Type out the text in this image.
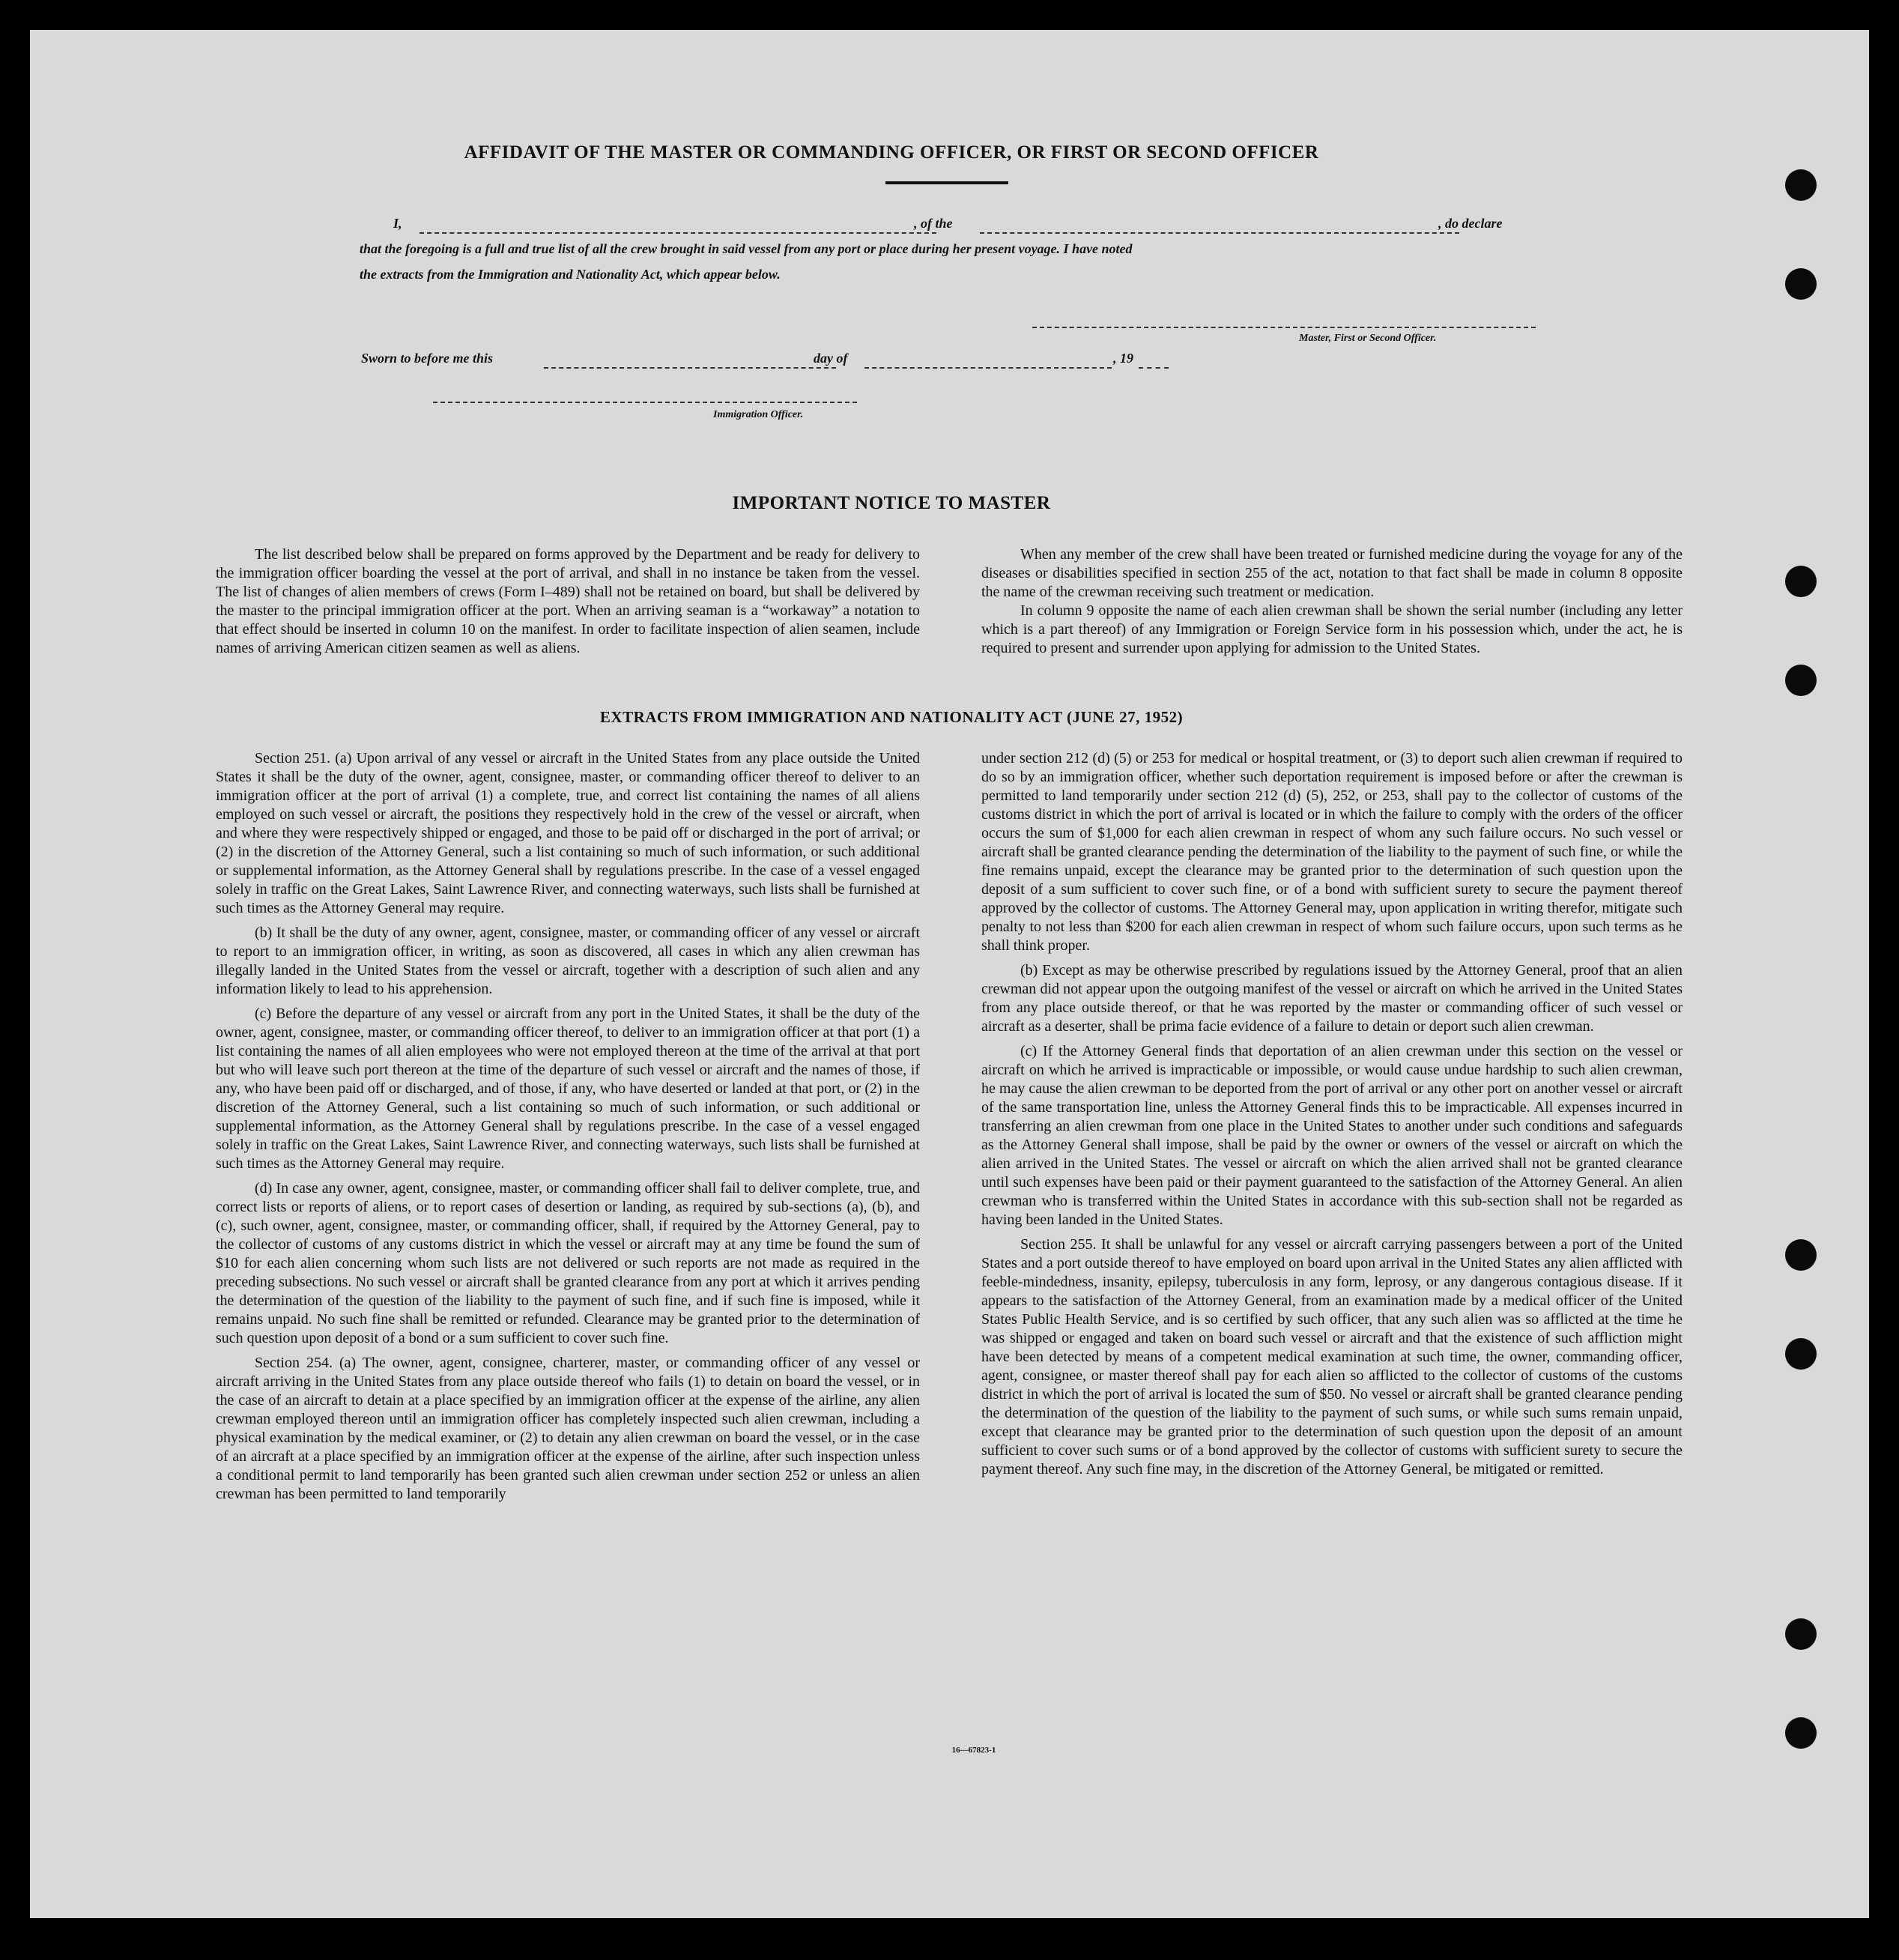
AFFIDAVIT OF THE MASTER OR COMMANDING OFFICER, OR FIRST OR SECOND OFFICER
I,	, of the	, do declare
that the foregoing is a full and true list of all the crew brought in said vessel from any port or place during her present voyage. I have noted
the extracts from the Immigration and Nationality Act, which appear below.
Master, First or Second Officer.
Sworn to before me this	day of	, 19
Immigration Officer.
IMPORTANT NOTICE TO MASTER

The list described below shall be prepared on forms approved by the Department and be ready for delivery to the immigration officer boarding the vessel at the port of arrival, and shall in no instance be taken from the vessel. The list of changes of alien members of crews (Form I–489) shall not be retained on board, but shall be delivered by the master to the principal immigration officer at the port. When an arriving seaman is a “workaway” a notation to that effect should be inserted in column 10 on the manifest. In order to facilitate inspection of alien seamen, include names of arriving American citizen seamen as well as aliens.

When any member of the crew shall have been treated or furnished medicine during the voyage for any of the diseases or disabilities specified in section 255 of the act, notation to that fact shall be made in column 8 opposite the name of the crewman receiving such treatment or medication.

In column 9 opposite the name of each alien crewman shall be shown the serial number (including any letter which is a part thereof) of any Immigration or Foreign Service form in his possession which, under the act, he is required to present and surrender upon applying for admission to the United States.

EXTRACTS FROM IMMIGRATION AND NATIONALITY ACT (JUNE 27, 1952)

Section 251. (a) Upon arrival of any vessel or aircraft in the United States from any place outside the United States it shall be the duty of the owner, agent, consignee, master, or commanding officer thereof to deliver to an immigration officer at the port of arrival (1) a complete, true, and correct list containing the names of all aliens employed on such vessel or aircraft, the positions they respectively hold in the crew of the vessel or aircraft, when and where they were respectively shipped or engaged, and those to be paid off or discharged in the port of arrival; or (2) in the discretion of the Attorney General, such a list containing so much of such information, or such additional or supplemental information, as the Attorney General shall by regulations prescribe. In the case of a vessel engaged solely in traffic on the Great Lakes, Saint Lawrence River, and connecting waterways, such lists shall be furnished at such times as the Attorney General may require.

(b) It shall be the duty of any owner, agent, consignee, master, or commanding officer of any vessel or aircraft to report to an immigration officer, in writing, as soon as discovered, all cases in which any alien crewman has illegally landed in the United States from the vessel or aircraft, together with a description of such alien and any information likely to lead to his apprehension.

(c) Before the departure of any vessel or aircraft from any port in the United States, it shall be the duty of the owner, agent, consignee, master, or commanding officer thereof, to deliver to an immigration officer at that port (1) a list containing the names of all alien employees who were not employed thereon at the time of the arrival at that port but who will leave such port thereon at the time of the departure of such vessel or aircraft and the names of those, if any, who have been paid off or discharged, and of those, if any, who have deserted or landed at that port, or (2) in the discretion of the Attorney General, such a list containing so much of such information, or such additional or supplemental information, as the Attorney General shall by regulations prescribe. In the case of a vessel engaged solely in traffic on the Great Lakes, Saint Lawrence River, and connecting waterways, such lists shall be furnished at such times as the Attorney General may require.

(d) In case any owner, agent, consignee, master, or commanding officer shall fail to deliver complete, true, and correct lists or reports of aliens, or to report cases of desertion or landing, as required by sub-sections (a), (b), and (c), such owner, agent, consignee, master, or commanding officer, shall, if required by the Attorney General, pay to the collector of customs of any customs district in which the vessel or aircraft may at any time be found the sum of $10 for each alien concerning whom such lists are not delivered or such reports are not made as required in the preceding subsections. No such vessel or aircraft shall be granted clearance from any port at which it arrives pending the determination of the question of the liability to the payment of such fine, and if such fine is imposed, while it remains unpaid. No such fine shall be remitted or refunded. Clearance may be granted prior to the determination of such question upon deposit of a bond or a sum sufficient to cover such fine.

Section 254. (a) The owner, agent, consignee, charterer, master, or commanding officer of any vessel or aircraft arriving in the United States from any place outside thereof who fails (1) to detain on board the vessel, or in the case of an aircraft to detain at a place specified by an immigration officer at the expense of the airline, any alien crewman employed thereon until an immigration officer has completely inspected such alien crewman, including a physical examination by the medical examiner, or (2) to detain any alien crewman on board the vessel, or in the case of an aircraft at a place specified by an immigration officer at the expense of the airline, after such inspection unless a conditional permit to land temporarily has been granted such alien crewman under section 252 or unless an alien crewman has been permitted to land temporarily

under section 212 (d) (5) or 253 for medical or hospital treatment, or (3) to deport such alien crewman if required to do so by an immigration officer, whether such deportation requirement is imposed before or after the crewman is permitted to land temporarily under section 212 (d) (5), 252, or 253, shall pay to the collector of customs of the customs district in which the port of arrival is located or in which the failure to comply with the orders of the officer occurs the sum of $1,000 for each alien crewman in respect of whom any such failure occurs. No such vessel or aircraft shall be granted clearance pending the determination of the liability to the payment of such fine, or while the fine remains unpaid, except the clearance may be granted prior to the determination of such question upon the deposit of a sum sufficient to cover such fine, or of a bond with sufficient surety to secure the payment thereof approved by the collector of customs. The Attorney General may, upon application in writing therefor, mitigate such penalty to not less than $200 for each alien crewman in respect of whom such failure occurs, upon such terms as he shall think proper.

(b) Except as may be otherwise prescribed by regulations issued by the Attorney General, proof that an alien crewman did not appear upon the outgoing manifest of the vessel or aircraft on which he arrived in the United States from any place outside thereof, or that he was reported by the master or commanding officer of such vessel or aircraft as a deserter, shall be prima facie evidence of a failure to detain or deport such alien crewman.

(c) If the Attorney General finds that deportation of an alien crewman under this section on the vessel or aircraft on which he arrived is impracticable or impossible, or would cause undue hardship to such alien crewman, he may cause the alien crewman to be deported from the port of arrival or any other port on another vessel or aircraft of the same transportation line, unless the Attorney General finds this to be impracticable. All expenses incurred in transferring an alien crewman from one place in the United States to another under such conditions and safeguards as the Attorney General shall impose, shall be paid by the owner or owners of the vessel or aircraft on which the alien arrived in the United States. The vessel or aircraft on which the alien arrived shall not be granted clearance until such expenses have been paid or their payment guaranteed to the satisfaction of the Attorney General. An alien crewman who is transferred within the United States in accordance with this sub-section shall not be regarded as having been landed in the United States.

Section 255. It shall be unlawful for any vessel or aircraft carrying passengers between a port of the United States and a port outside thereof to have employed on board upon arrival in the United States any alien afflicted with feeble-mindedness, insanity, epilepsy, tuberculosis in any form, leprosy, or any dangerous contagious disease. If it appears to the satisfaction of the Attorney General, from an examination made by a medical officer of the United States Public Health Service, and is so certified by such officer, that any such alien was so afflicted at the time he was shipped or engaged and taken on board such vessel or aircraft and that the existence of such affliction might have been detected by means of a competent medical examination at such time, the owner, commanding officer, agent, consignee, or master thereof shall pay for each alien so afflicted to the collector of customs of the customs district in which the port of arrival is located the sum of $50. No vessel or aircraft shall be granted clearance pending the determination of the question of the liability to the payment of such sums, or while such sums remain unpaid, except that clearance may be granted prior to the determination of such question upon the deposit of an amount sufficient to cover such sums or of a bond approved by the collector of customs with sufficient surety to secure the payment thereof. Any such fine may, in the discretion of the Attorney General, be mitigated or remitted.

16—67823-1
